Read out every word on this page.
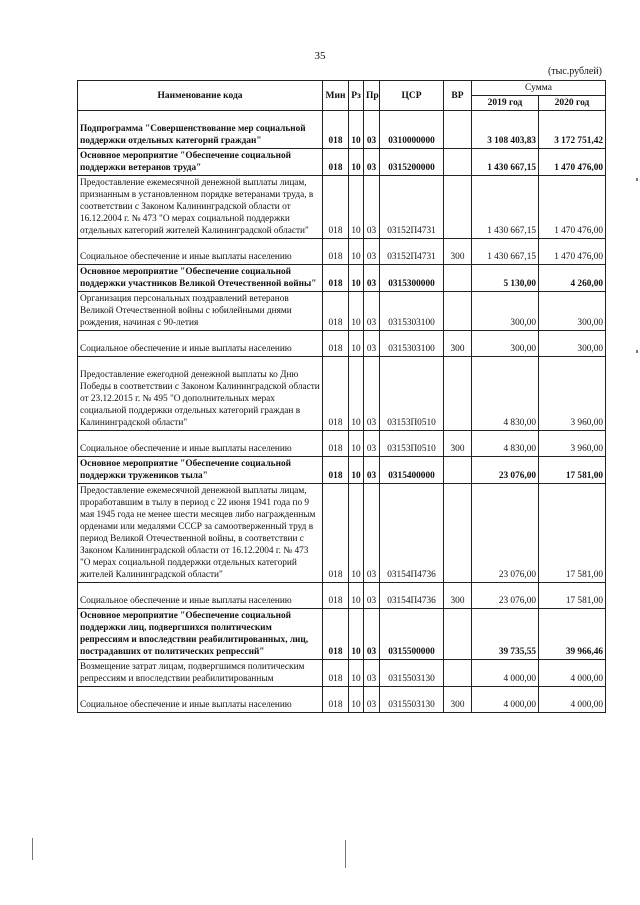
35
(тыс.рублей)
Наименование кода	Мин	Рз	Пр	ЦСР	ВР	Сумма	
						2019 год	2020 год
Подпрограмма "Совершенствование мер социальной поддержки отдельных категорий граждан"	018	10	03	0310000000		3 108 403,83	3 172 751,42
Основное мероприятие "Обеспечение социальной поддержки ветеранов труда"	018	10	03	0315200000		1 430 667,15	1 470 476,00
Предоставление ежемесячной денежной выплаты лицам, признанным в установленном порядке ветеранами труда, в соответствии с Законом Калининградской области от 16.12.2004 г. № 473 "О мерах социальной поддержки отдельных категорий жителей Калининградской области"	018	10	03	03152П4731		1 430 667,15	1 470 476,00
Социальное обеспечение и иные выплаты населению	018	10	03	03152П4731	300	1 430 667,15	1 470 476,00
Основное мероприятие "Обеспечение социальной поддержки участников Великой Отечественной войны"	018	10	03	0315300000		5 130,00	4 260,00
Организация персональных поздравлений ветеранов Великой Отечественной войны с юбилейными днями рождения, начиная с 90-летия	018	10	03	0315303100		300,00	300,00
Социальное обеспечение и иные выплаты населению	018	10	03	0315303100	300	300,00	300,00
Предоставление ежегодной денежной выплаты ко Дню Победы в соответствии с Законом Калининградской области от 23.12.2015 г. № 495 "О дополнительных мерах социальной поддержки отдельных категорий граждан в Калининградской области"	018	10	03	03153П0510		4 830,00	3 960,00
Социальное обеспечение и иные выплаты населению	018	10	03	03153П0510	300	4 830,00	3 960,00
Основное мероприятие "Обеспечение социальной поддержки тружеников тыла"	018	10	03	0315400000		23 076,00	17 581,00
Предоставление ежемесячной денежной выплаты лицам, проработавшим в тылу в период с 22 июня 1941 года по 9 мая 1945 года не менее шести месяцев либо награжденным орденами или медалями СССР за самоотверженный труд в период Великой Отечественной войны, в соответствии с Законом Калининградской области от 16.12.2004 г. № 473 "О мерах социальной поддержки отдельных категорий жителей Калининградской области"	018	10	03	03154П4736		23 076,00	17 581,00
Социальное обеспечение и иные выплаты населению	018	10	03	03154П4736	300	23 076,00	17 581,00
Основное мероприятие "Обеспечение социальной поддержки лиц, подвергшихся политическим репрессиям и впоследствии реабилитированных, лиц, пострадавших от политических репрессий"	018	10	03	0315500000		39 735,55	39 966,46
Возмещение затрат лицам, подвергшимся политическим репрессиям и впоследствии реабилитированным	018	10	03	0315503130		4 000,00	4 000,00
Социальное обеспечение и иные выплаты населению	018	10	03	0315503130	300	4 000,00	4 000,00
